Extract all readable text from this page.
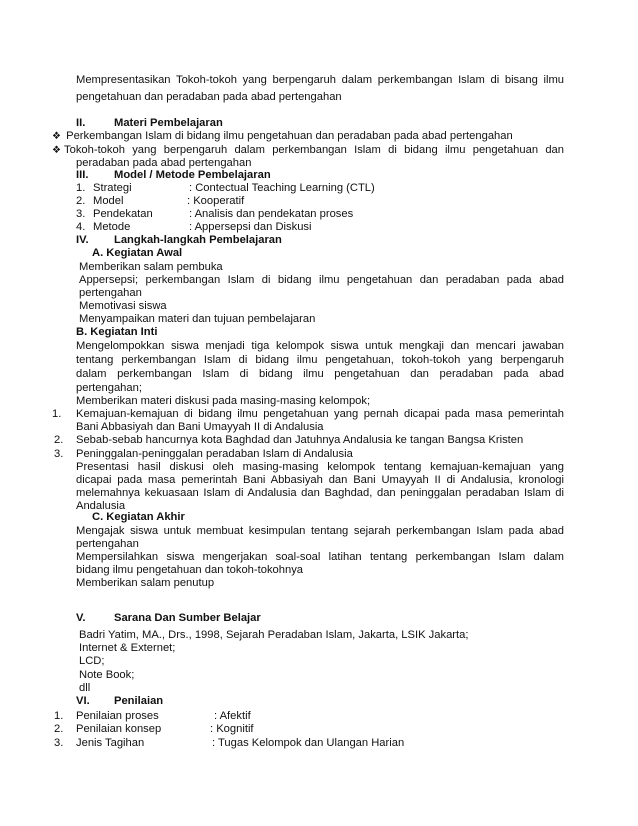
Mempresentasikan Tokoh-tokoh yang berpengaruh dalam perkembangan Islam di bisang ilmu
pengetahuan dan peradaban pada abad pertengahan
II.	Materi Pembelajaran
❖ Perkembangan Islam di bidang ilmu pengetahuan dan peradaban pada abad pertengahan
❖ Tokoh-tokoh yang berpengaruh dalam perkembangan Islam di bidang ilmu pengetahuan dan
peradaban pada abad pertengahan
III. Model / Metode Pembelajaran
1. Strategi	: Contectual Teaching Learning (CTL)
2. Model	: Kooperatif
3. Pendekatan	: Analisis dan pendekatan proses
4. Metode	: Appersepsi dan Diskusi
IV. Langkah-langkah Pembelajaran
A. Kegiatan Awal
Memberikan salam pembuka
Appersepsi; perkembangan Islam di bidang ilmu pengetahuan dan peradaban pada abad
pertengahan
Memotivasi siswa
Menyampaikan materi dan tujuan pembelajaran
B. Kegiatan Inti
Mengelompokkan siswa menjadi tiga kelompok siswa untuk mengkaji dan mencari jawaban
tentang perkembangan Islam di bidang ilmu pengetahuan, tokoh-tokoh yang berpengaruh
dalam perkembangan Islam di bidang ilmu pengetahuan dan peradaban pada abad
pertengahan;
Memberikan materi diskusi pada masing-masing kelompok;
1. Kemajuan-kemajuan di bidang ilmu pengetahuan yang pernah dicapai pada masa pemerintah
Bani Abbasiyah dan Bani Umayyah II di Andalusia
2. Sebab-sebab hancurnya kota Baghdad dan Jatuhnya Andalusia ke tangan Bangsa Kristen
3. Peninggalan-peninggalan peradaban Islam di Andalusia
Presentasi hasil diskusi oleh masing-masing kelompok tentang kemajuan-kemajuan yang
dicapai pada masa pemerintah Bani Abbasiyah dan Bani Umayyah II di Andalusia, kronologi
melemahnya kekuasaan Islam di Andalusia dan Baghdad, dan peninggalan peradaban Islam di
Andalusia
C. Kegiatan Akhir
Mengajak siswa untuk membuat kesimpulan tentang sejarah perkembangan Islam pada abad
pertengahan
Mempersilahkan siswa mengerjakan soal-soal latihan tentang perkembangan Islam dalam
bidang ilmu pengetahuan dan tokoh-tokohnya
Memberikan salam penutup
V.	Sarana Dan Sumber Belajar
Badri Yatim, MA., Drs., 1998, Sejarah Peradaban Islam, Jakarta, LSIK Jakarta;
Internet & Externet;
LCD;
Note Book;
dll
VI. Penilaian
1. Penilaian proses	: Afektif
2. Penilaian konsep	: Kognitif
3. Jenis Tagihan	: Tugas Kelompok dan Ulangan Harian
